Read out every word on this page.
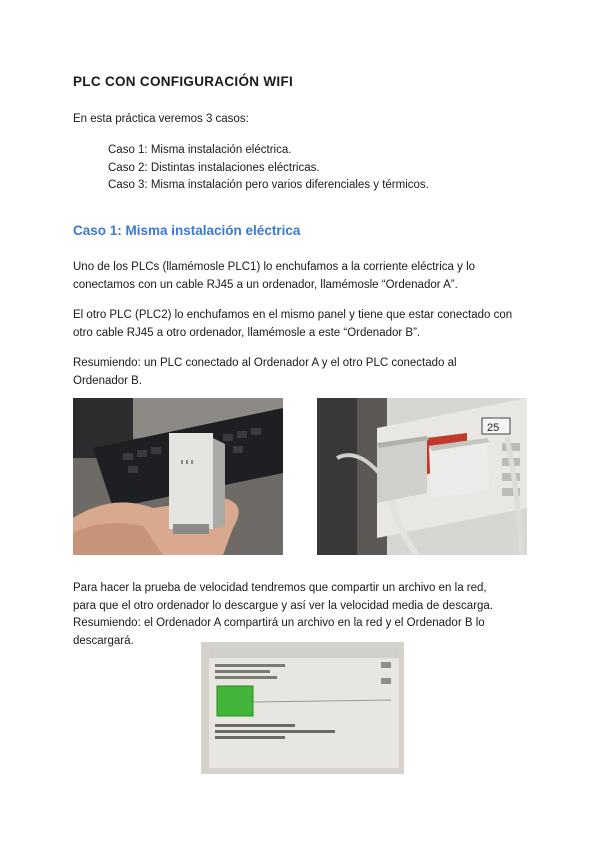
PLC CON CONFIGURACIÓN WIFI
En esta práctica veremos 3 casos:
Caso 1: Misma instalación eléctrica.
Caso 2: Distintas instalaciones eléctricas.
Caso 3: Misma instalación pero varios diferenciales y térmicos.
Caso 1: Misma instalación eléctrica
Uno de los PLCs (llamémosle PLC1) lo enchufamos a la corriente eléctrica y lo
conectamos con un cable RJ45 a un ordenador, llamémosle “Ordenador A”.
El otro PLC (PLC2) lo enchufamos en el mismo panel y tiene que estar conectado con
otro cable RJ45 a otro ordenador, llamémosle a este “Ordenador B”.
Resumiendo: un PLC conectado al Ordenador A y el otro PLC conectado al
Ordenador B.
25
Para hacer la prueba de velocidad tendremos que compartir un archivo en la red,
para que el otro ordenador lo descargue y así ver la velocidad media de descarga.
Resumiendo: el Ordenador A compartirá un archivo en la red y el Ordenador B lo
descargará.
